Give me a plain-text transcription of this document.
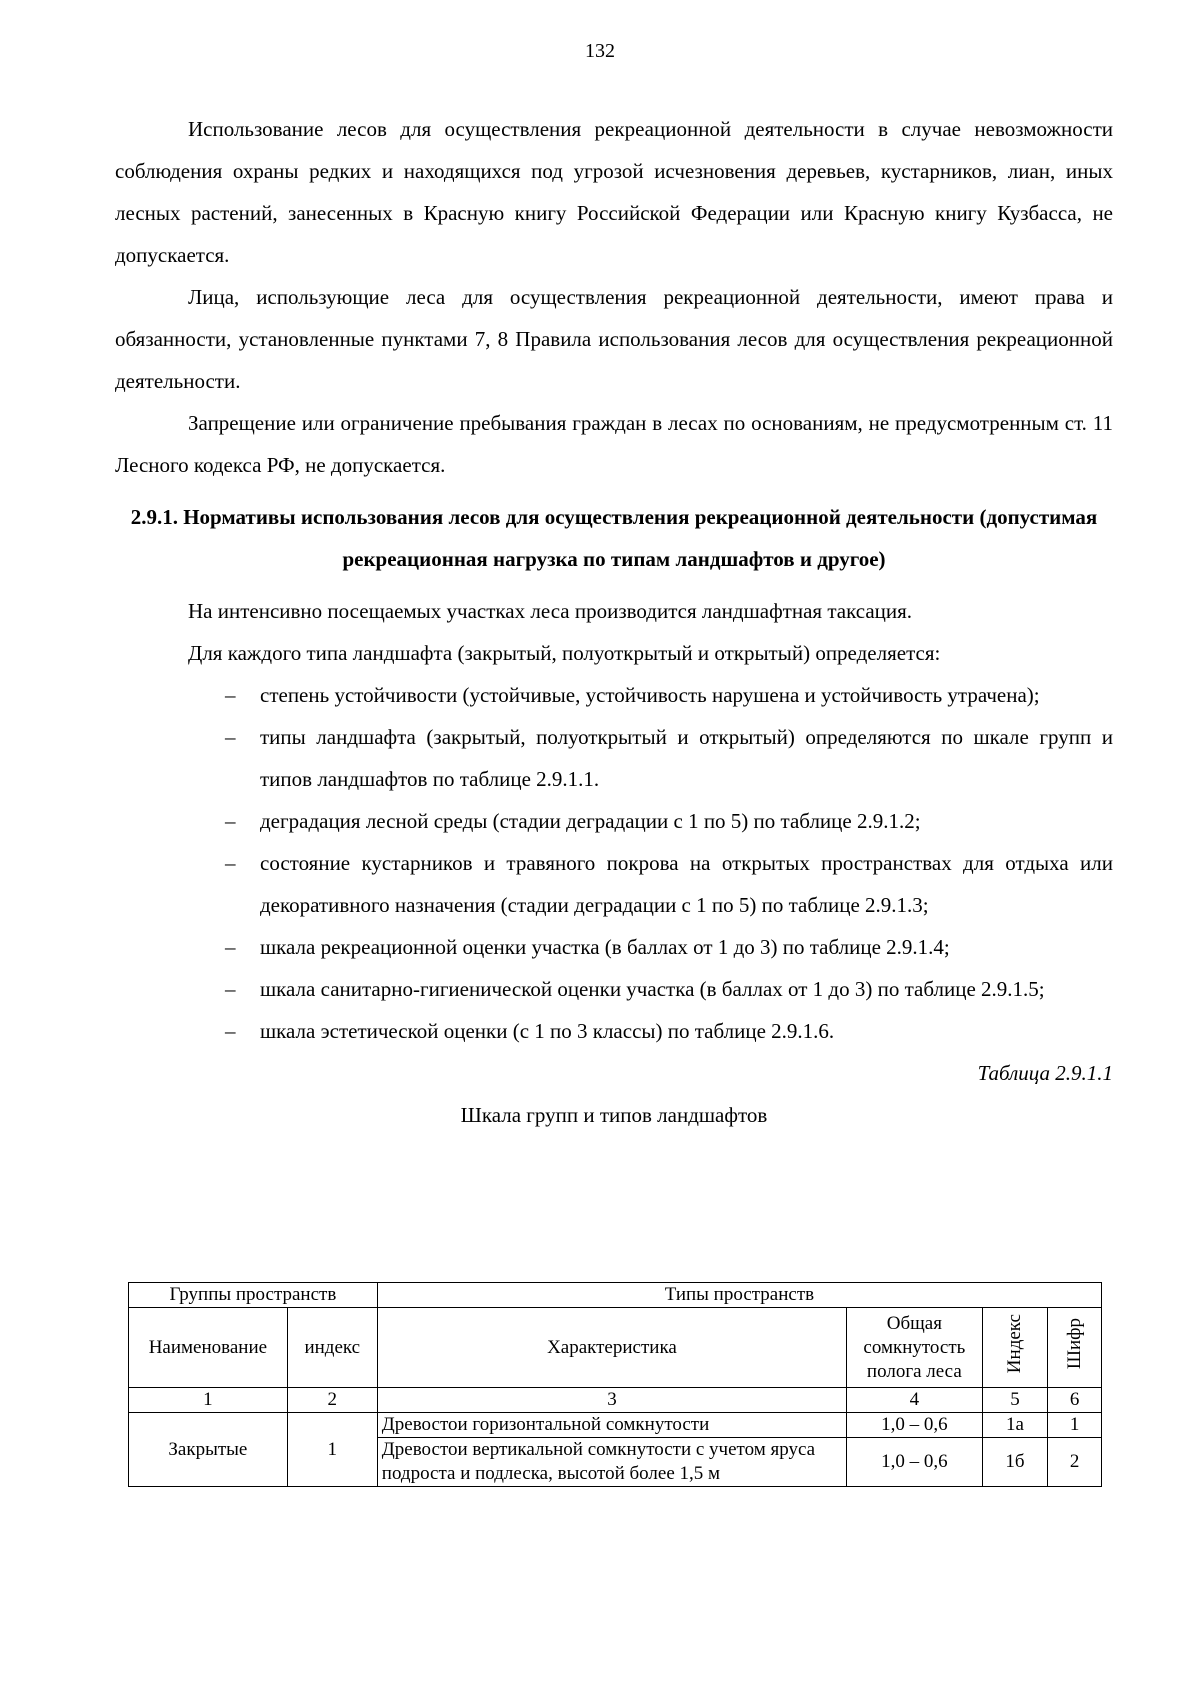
132

Использование лесов для осуществления рекреационной деятельности в случае невозможности соблюдения охраны редких и находящихся под угрозой исчезновения деревьев, кустарников, лиан, иных лесных растений, занесенных в Красную книгу Российской Федерации или Красную книгу Кузбасса, не допускается.

Лица, использующие леса для осуществления рекреационной деятельности, имеют права и обязанности, установленные пунктами 7, 8 Правила использования лесов для осуществления рекреационной деятельности.

Запрещение или ограничение пребывания граждан в лесах по основаниям, не предусмотренным ст. 11 Лесного кодекса РФ, не допускается.

2.9.1. Нормативы использования лесов для осуществления рекреационной деятельности (допустимая рекреационная нагрузка по типам ландшафтов и другое)

На интенсивно посещаемых участках леса производится ландшафтная таксация.

Для каждого типа ландшафта (закрытый, полуоткрытый и открытый) определяется:

– степень устойчивости (устойчивые, устойчивость нарушена и устойчивость утрачена);
– типы ландшафта (закрытый, полуоткрытый и открытый) определяются по шкале групп и типов ландшафтов по таблице 2.9.1.1.
– деградация лесной среды (стадии деградации с 1 по 5) по таблице 2.9.1.2;
– состояние кустарников и травяного покрова на открытых пространствах для отдыха или декоративного назначения (стадии деградации с 1 по 5) по таблице 2.9.1.3;
– шкала рекреационной оценки участка (в баллах от 1 до 3) по таблице 2.9.1.4;
– шкала санитарно-гигиенической оценки участка (в баллах от 1 до 3) по таблице 2.9.1.5;
– шкала эстетической оценки (с 1 по 3 классы) по таблице 2.9.1.6.
Таблица 2.9.1.1
Шкала групп и типов ландшафтов
Группы пространств		Типы пространств			
Наименование	индекс	Характеристика	Общая сомкнутость полога леса	Индекс	Шифр
1	2	3	4	5	6
Закрытые	1	Древостои горизонтальной сомкнутости	1,0 – 0,6	1а	1
		Древостои вертикальной сомкнутости с учетом яруса подроста и подлеска, высотой более 1,5 м	1,0 – 0,6	1б	2
